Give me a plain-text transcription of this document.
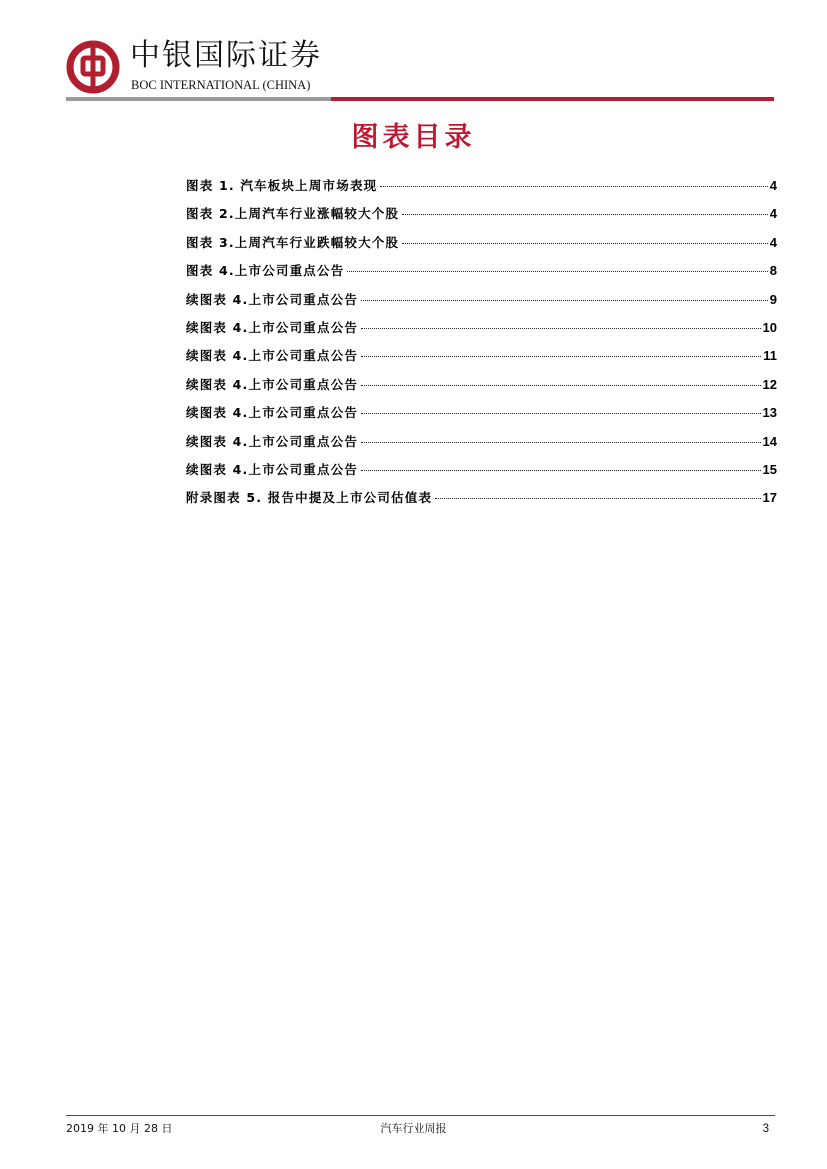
中银国际证券
BOC INTERNATIONAL (CHINA)
图表目录
图表 1. 汽车板块上周市场表现	4
图表 2.上周汽车行业涨幅较大个股	4
图表 3.上周汽车行业跌幅较大个股	4
图表 4.上市公司重点公告	8
续图表 4.上市公司重点公告	9
续图表 4.上市公司重点公告	10
续图表 4.上市公司重点公告	11
续图表 4.上市公司重点公告	12
续图表 4.上市公司重点公告	13
续图表 4.上市公司重点公告	14
续图表 4.上市公司重点公告	15
附录图表 5. 报告中提及上市公司估值表	17
2019 年 10 月 28 日	汽车行业周报	3
